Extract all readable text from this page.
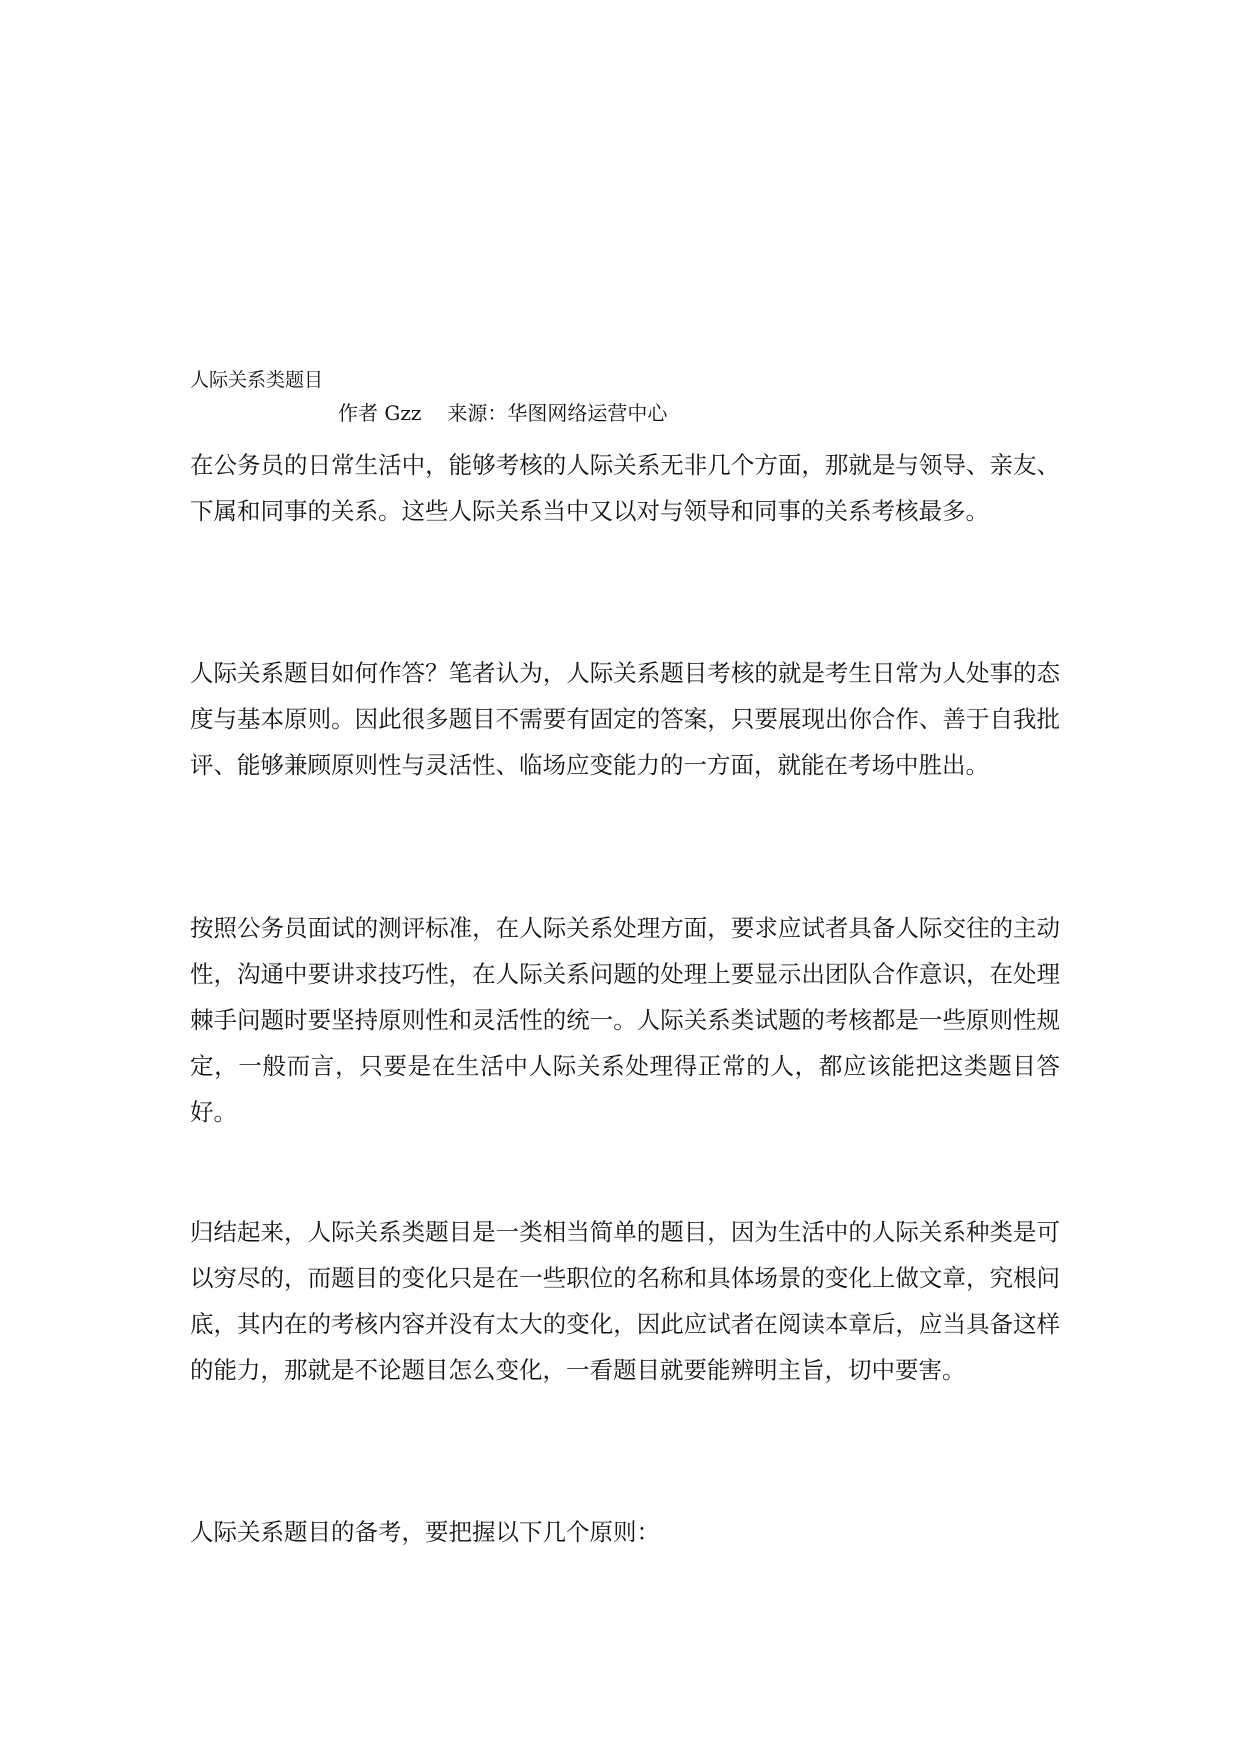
人际关系类题目
作者 Gzz 来源：华图网络运营中心

在公务员的日常生活中，能够考核的人际关系无非几个方面，那就是与领导、亲友、下属和同事的关系。这些人际关系当中又以对与领导和同事的关系考核最多。

人际关系题目如何作答？笔者认为，人际关系题目考核的就是考生日常为人处事的态度与基本原则。因此很多题目不需要有固定的答案，只要展现出你合作、善于自我批评、能够兼顾原则性与灵活性、临场应变能力的一方面，就能在考场中胜出。

按照公务员面试的测评标准，在人际关系处理方面，要求应试者具备人际交往的主动性，沟通中要讲求技巧性，在人际关系问题的处理上要显示出团队合作意识，在处理棘手问题时要坚持原则性和灵活性的统一。人际关系类试题的考核都是一些原则性规定，一般而言，只要是在生活中人际关系处理得正常的人，都应该能把这类题目答好。

归结起来，人际关系类题目是一类相当简单的题目，因为生活中的人际关系种类是可以穷尽的，而题目的变化只是在一些职位的名称和具体场景的变化上做文章，究根问底，其内在的考核内容并没有太大的变化，因此应试者在阅读本章后，应当具备这样的能力，那就是不论题目怎么变化，一看题目就要能辨明主旨，切中要害。

人际关系题目的备考，要把握以下几个原则：
